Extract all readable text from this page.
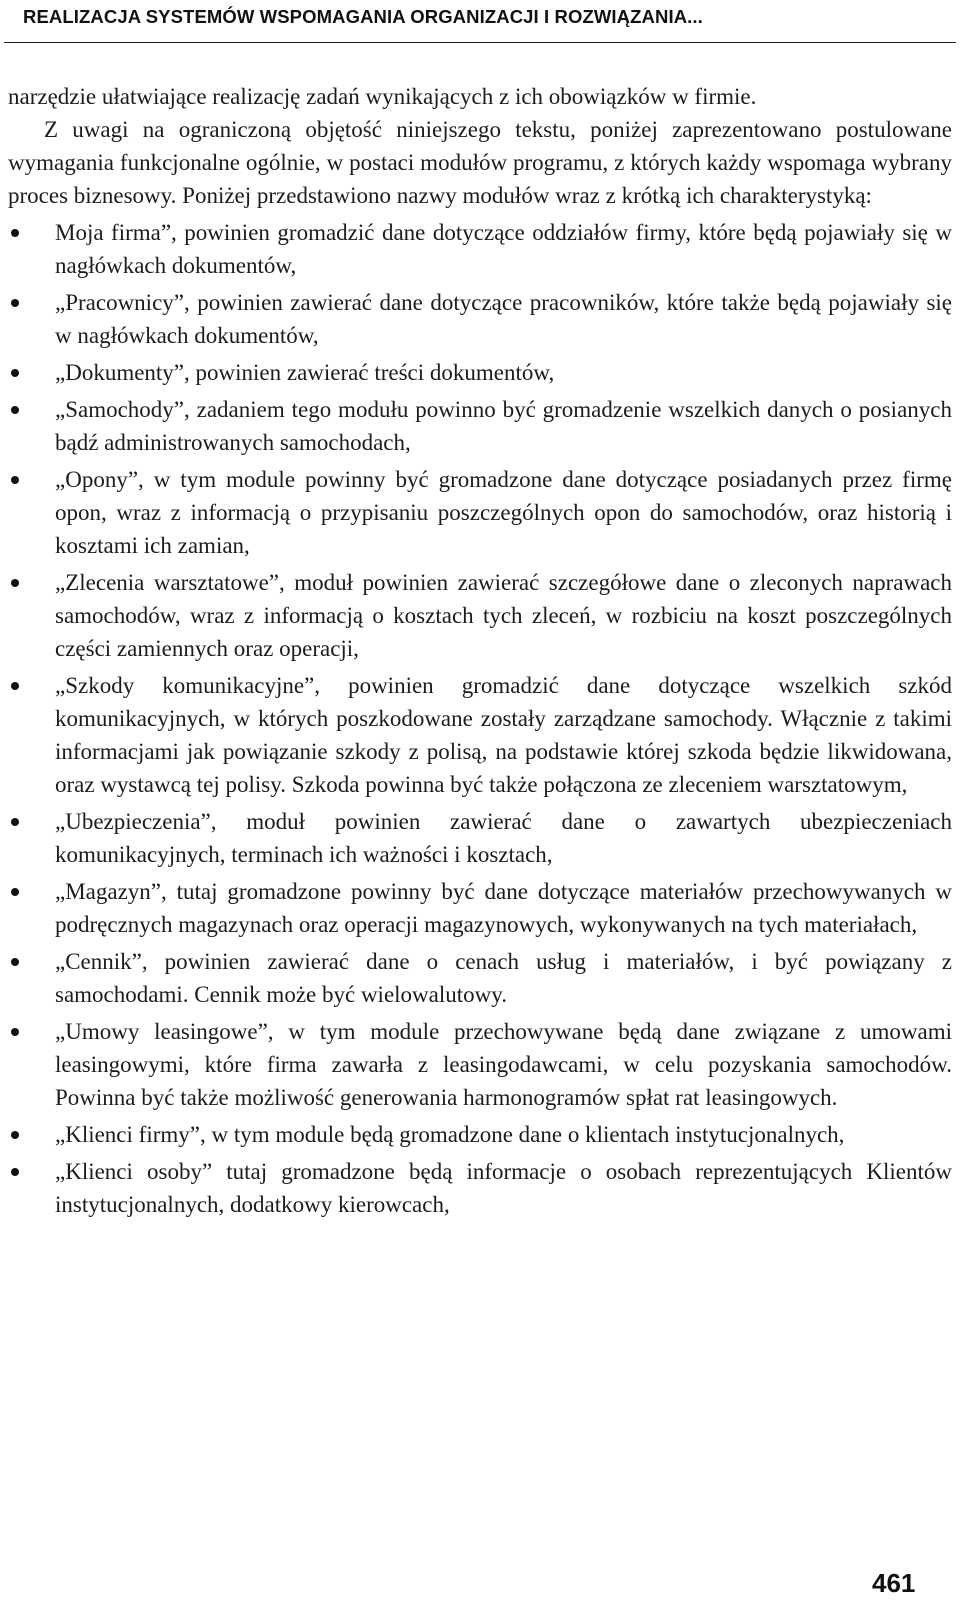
REALIZACJA SYSTEMÓW WSPOMAGANIA ORGANIZACJI I ROZWIĄZANIA...

narzędzie ułatwiające realizację zadań wynikających z ich obowiązków w firmie.

Z uwagi na ograniczoną objętość niniejszego tekstu, poniżej zaprezentowano postulowane wymagania funkcjonalne ogólnie, w postaci modułów programu, z których każdy wspomaga wybrany proces biznesowy. Poniżej przedstawiono nazwy modułów wraz z krótką ich charakterystyką:

Moja firma”, powinien gromadzić dane dotyczące oddziałów firmy, które będą pojawiały się w nagłówkach dokumentów,
„Pracownicy”, powinien zawierać dane dotyczące pracowników, które także będą pojawiały się w nagłówkach dokumentów,
„Dokumenty”, powinien zawierać treści dokumentów,
„Samochody”, zadaniem tego modułu powinno być gromadzenie wszelkich danych o posianych bądź administrowanych samochodach,
„Opony”, w tym module powinny być gromadzone dane dotyczące posiadanych przez firmę opon, wraz z informacją o przypisaniu poszczególnych opon do samochodów, oraz historią i kosztami ich zamian,
„Zlecenia warsztatowe”, moduł powinien zawierać szczegółowe dane o zleconych naprawach samochodów, wraz z informacją o kosztach tych zleceń, w rozbiciu na koszt poszczególnych części zamiennych oraz operacji,
„Szkody komunikacyjne”, powinien gromadzić dane dotyczące wszelkich szkód komunikacyjnych, w których poszkodowane zostały zarządzane samochody. Włącznie z takimi informacjami jak powiązanie szkody z polisą, na podstawie której szkoda będzie likwidowana, oraz wystawcą tej polisy. Szkoda powinna być także połączona ze zleceniem warsztatowym,
„Ubezpieczenia”, moduł powinien zawierać dane o zawartych ubezpieczeniach komunikacyjnych, terminach ich ważności i kosztach,
„Magazyn”, tutaj gromadzone powinny być dane dotyczące materiałów przechowywanych w podręcznych magazynach oraz operacji magazynowych, wykonywanych na tych materiałach,
„Cennik”, powinien zawierać dane o cenach usług i materiałów, i być powiązany z samochodami. Cennik może być wielowalutowy.
„Umowy leasingowe”, w tym module przechowywane będą dane związane z umowami leasingowymi, które firma zawarła z leasingodawcami, w celu pozyskania samochodów. Powinna być także możliwość generowania harmonogramów spłat rat leasingowych.
„Klienci firmy”, w tym module będą gromadzone dane o klientach instytucjonalnych,
„Klienci osoby” tutaj gromadzone będą informacje o osobach reprezentujących Klientów instytucjonalnych, dodatkowy kierowcach,
461
